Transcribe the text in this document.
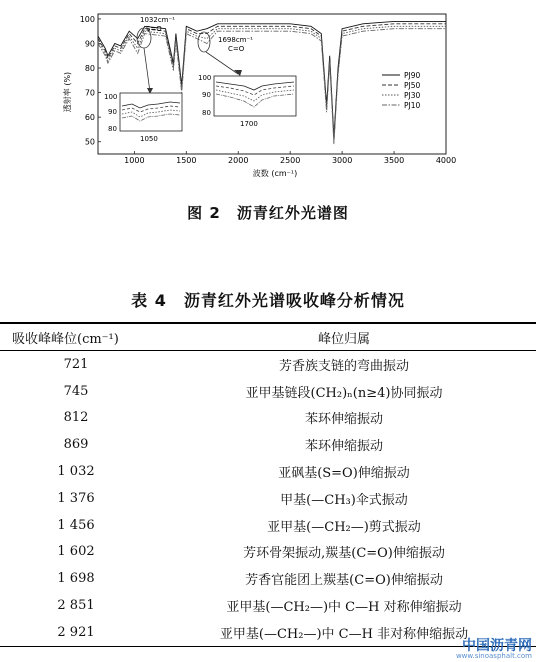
透射率 (%)
波数 (cm⁻¹)
1000	1500	2000	2500	3000	3500	4000
100
90
80
70
60
50
1032cm⁻¹
S=O
1698cm⁻¹
C=O
100
90
80
1050
100
90
80
1700
PJ90
PJ50
PJ30
PJ10
图 2　沥青红外光谱图
表 4　沥青红外光谱吸收峰分析情况
吸收峰峰位(cm⁻¹)	峰位归属
721	芳香族支链的弯曲振动
745	亚甲基链段(CH₂)ₙ(n≥4)协同振动
812	苯环伸缩振动
869	苯环伸缩振动
1 032	亚砜基(S=O)伸缩振动
1 376	甲基(—CH₃)伞式振动
1 456	亚甲基(—CH₂—)剪式振动
1 602	芳环骨架振动,羰基(C=O)伸缩振动
1 698	芳香官能团上羰基(C=O)伸缩振动
2 851	亚甲基(—CH₂—)中 C—H 对称伸缩振动
2 921	亚甲基(—CH₂—)中 C—H 非对称伸缩振动
中国沥青网
www.sinoasphalt.com
